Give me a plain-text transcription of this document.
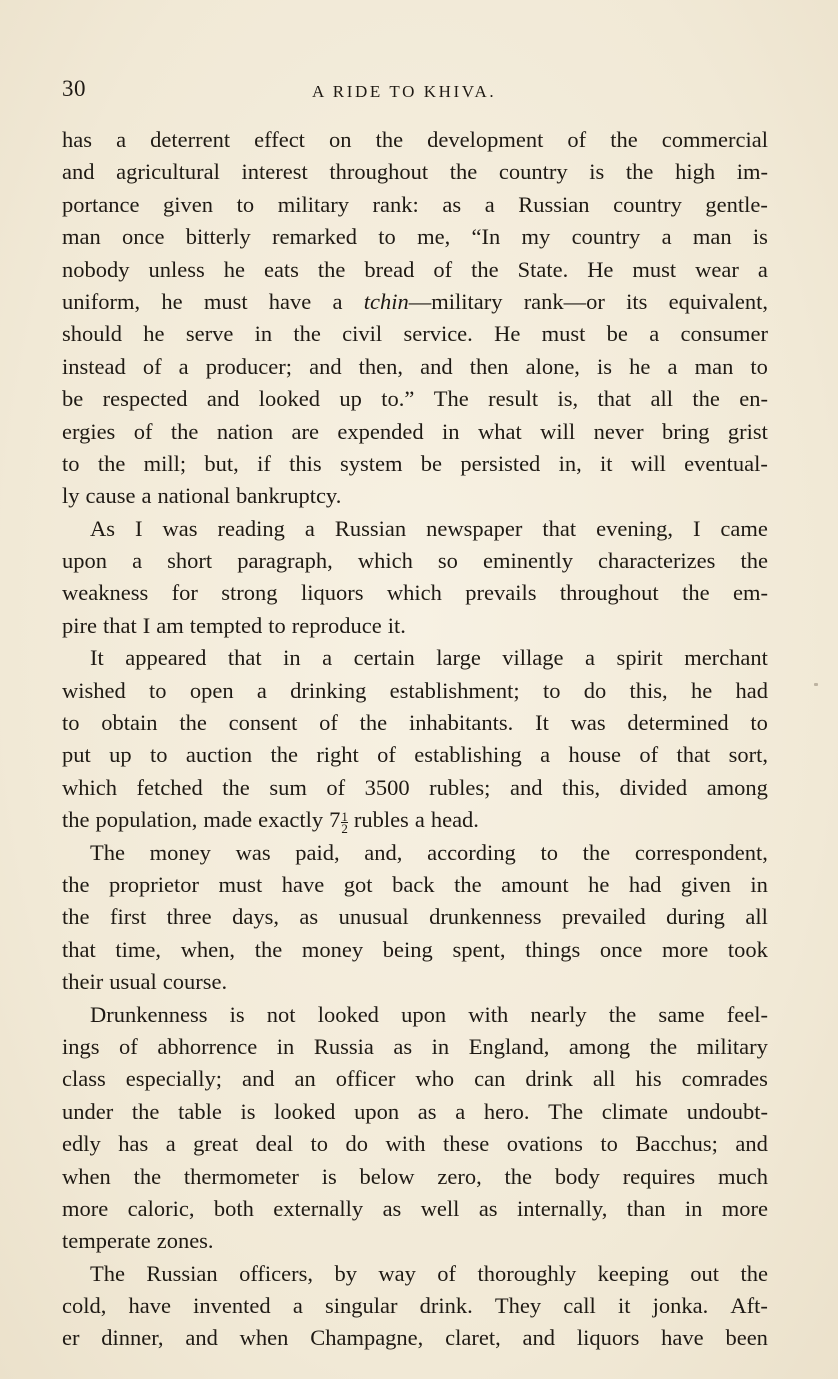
30	A RIDE TO KHIVA.
has a deterrent effect on the development of the commercial
and agricultural interest throughout the country is the high im-
portance given to military rank: as a Russian country gentle-
man once bitterly remarked to me, “In my country a man is
nobody unless he eats the bread of the State. He must wear a
uniform, he must have a tchin—military rank—or its equivalent,
should he serve in the civil service. He must be a consumer
instead of a producer; and then, and then alone, is he a man to
be respected and looked up to.” The result is, that all the en-
ergies of the nation are expended in what will never bring grist
to the mill; but, if this system be persisted in, it will eventual-
ly cause a national bankruptcy.
As I was reading a Russian newspaper that evening, I came
upon a short paragraph, which so eminently characterizes the
weakness for strong liquors which prevails throughout the em-
pire that I am tempted to reproduce it.
It appeared that in a certain large village a spirit merchant
wished to open a drinking establishment; to do this, he had
to obtain the consent of the inhabitants. It was determined to
put up to auction the right of establishing a house of that sort,
which fetched the sum of 3500 rubles; and this, divided among
the population, made exactly $7 \frac{1}{2}$ rubles a head.
The money was paid, and, according to the correspondent,
the proprietor must have got back the amount he had given in
the first three days, as unusual drunkenness prevailed during all
that time, when, the money being spent, things once more took
their usual course.
Drunkenness is not looked upon with nearly the same feel-
ings of abhorrence in Russia as in England, among the military
class especially; and an officer who can drink all his comrades
under the table is looked upon as a hero. The climate undoubt-
edly has a great deal to do with these ovations to Bacchus; and
when the thermometer is below zero, the body requires much
more caloric, both externally as well as internally, than in more
temperate zones.
The Russian officers, by way of thoroughly keeping out the
cold, have invented a singular drink. They call it jonka. Aft-
er dinner, and when Champagne, claret, and liquors have been
